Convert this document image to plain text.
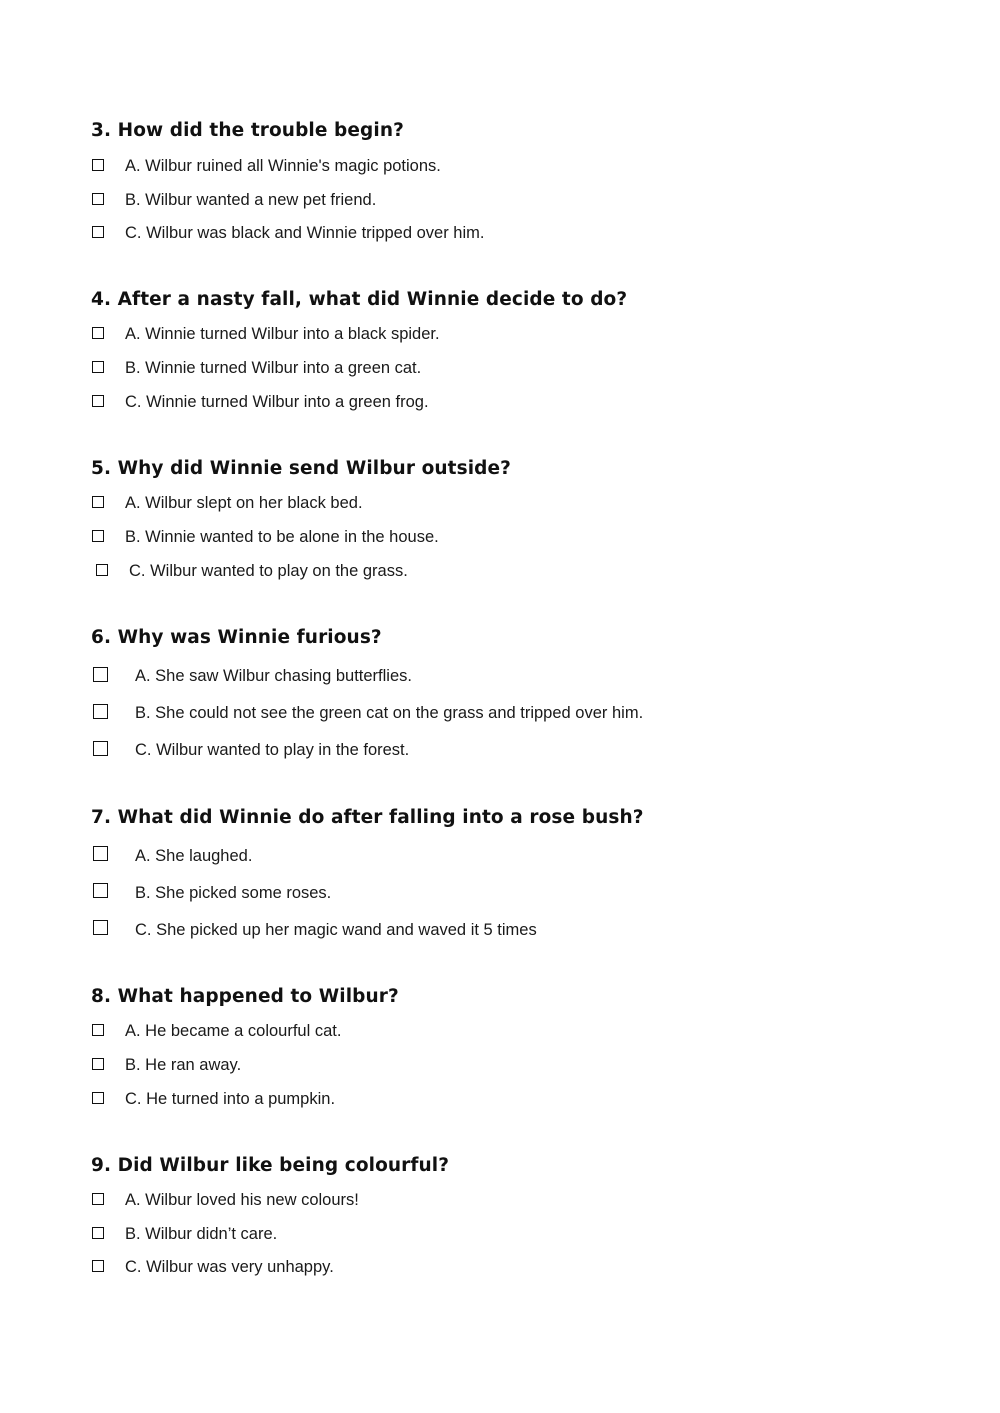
3. How did the trouble begin?
A. Wilbur ruined all Winnie's magic potions.
B. Wilbur wanted a new pet friend.
C. Wilbur was black and Winnie tripped over him.
4. After a nasty fall, what did Winnie decide to do?
A. Winnie turned Wilbur into a black spider.
B. Winnie turned Wilbur into a green cat.
C. Winnie turned Wilbur into a green frog.
5. Why did Winnie send Wilbur outside?
A. Wilbur slept on her black bed.
B. Winnie wanted to be alone in the house.
C. Wilbur wanted to play on the grass.
6. Why was Winnie furious?
A. She saw Wilbur chasing butterflies.
B. She could not see the green cat on the grass and tripped over him.
C. Wilbur wanted to play in the forest.
7. What did Winnie do after falling into a rose bush?
A. She laughed.
B. She picked some roses.
C. She picked up her magic wand and waved it 5 times
8. What happened to Wilbur?
A. He became a colourful cat.
B. He ran away.
C. He turned into a pumpkin.
9. Did Wilbur like being colourful?
A. Wilbur loved his new colours!
B. Wilbur didn’t care.
C. Wilbur was very unhappy.
